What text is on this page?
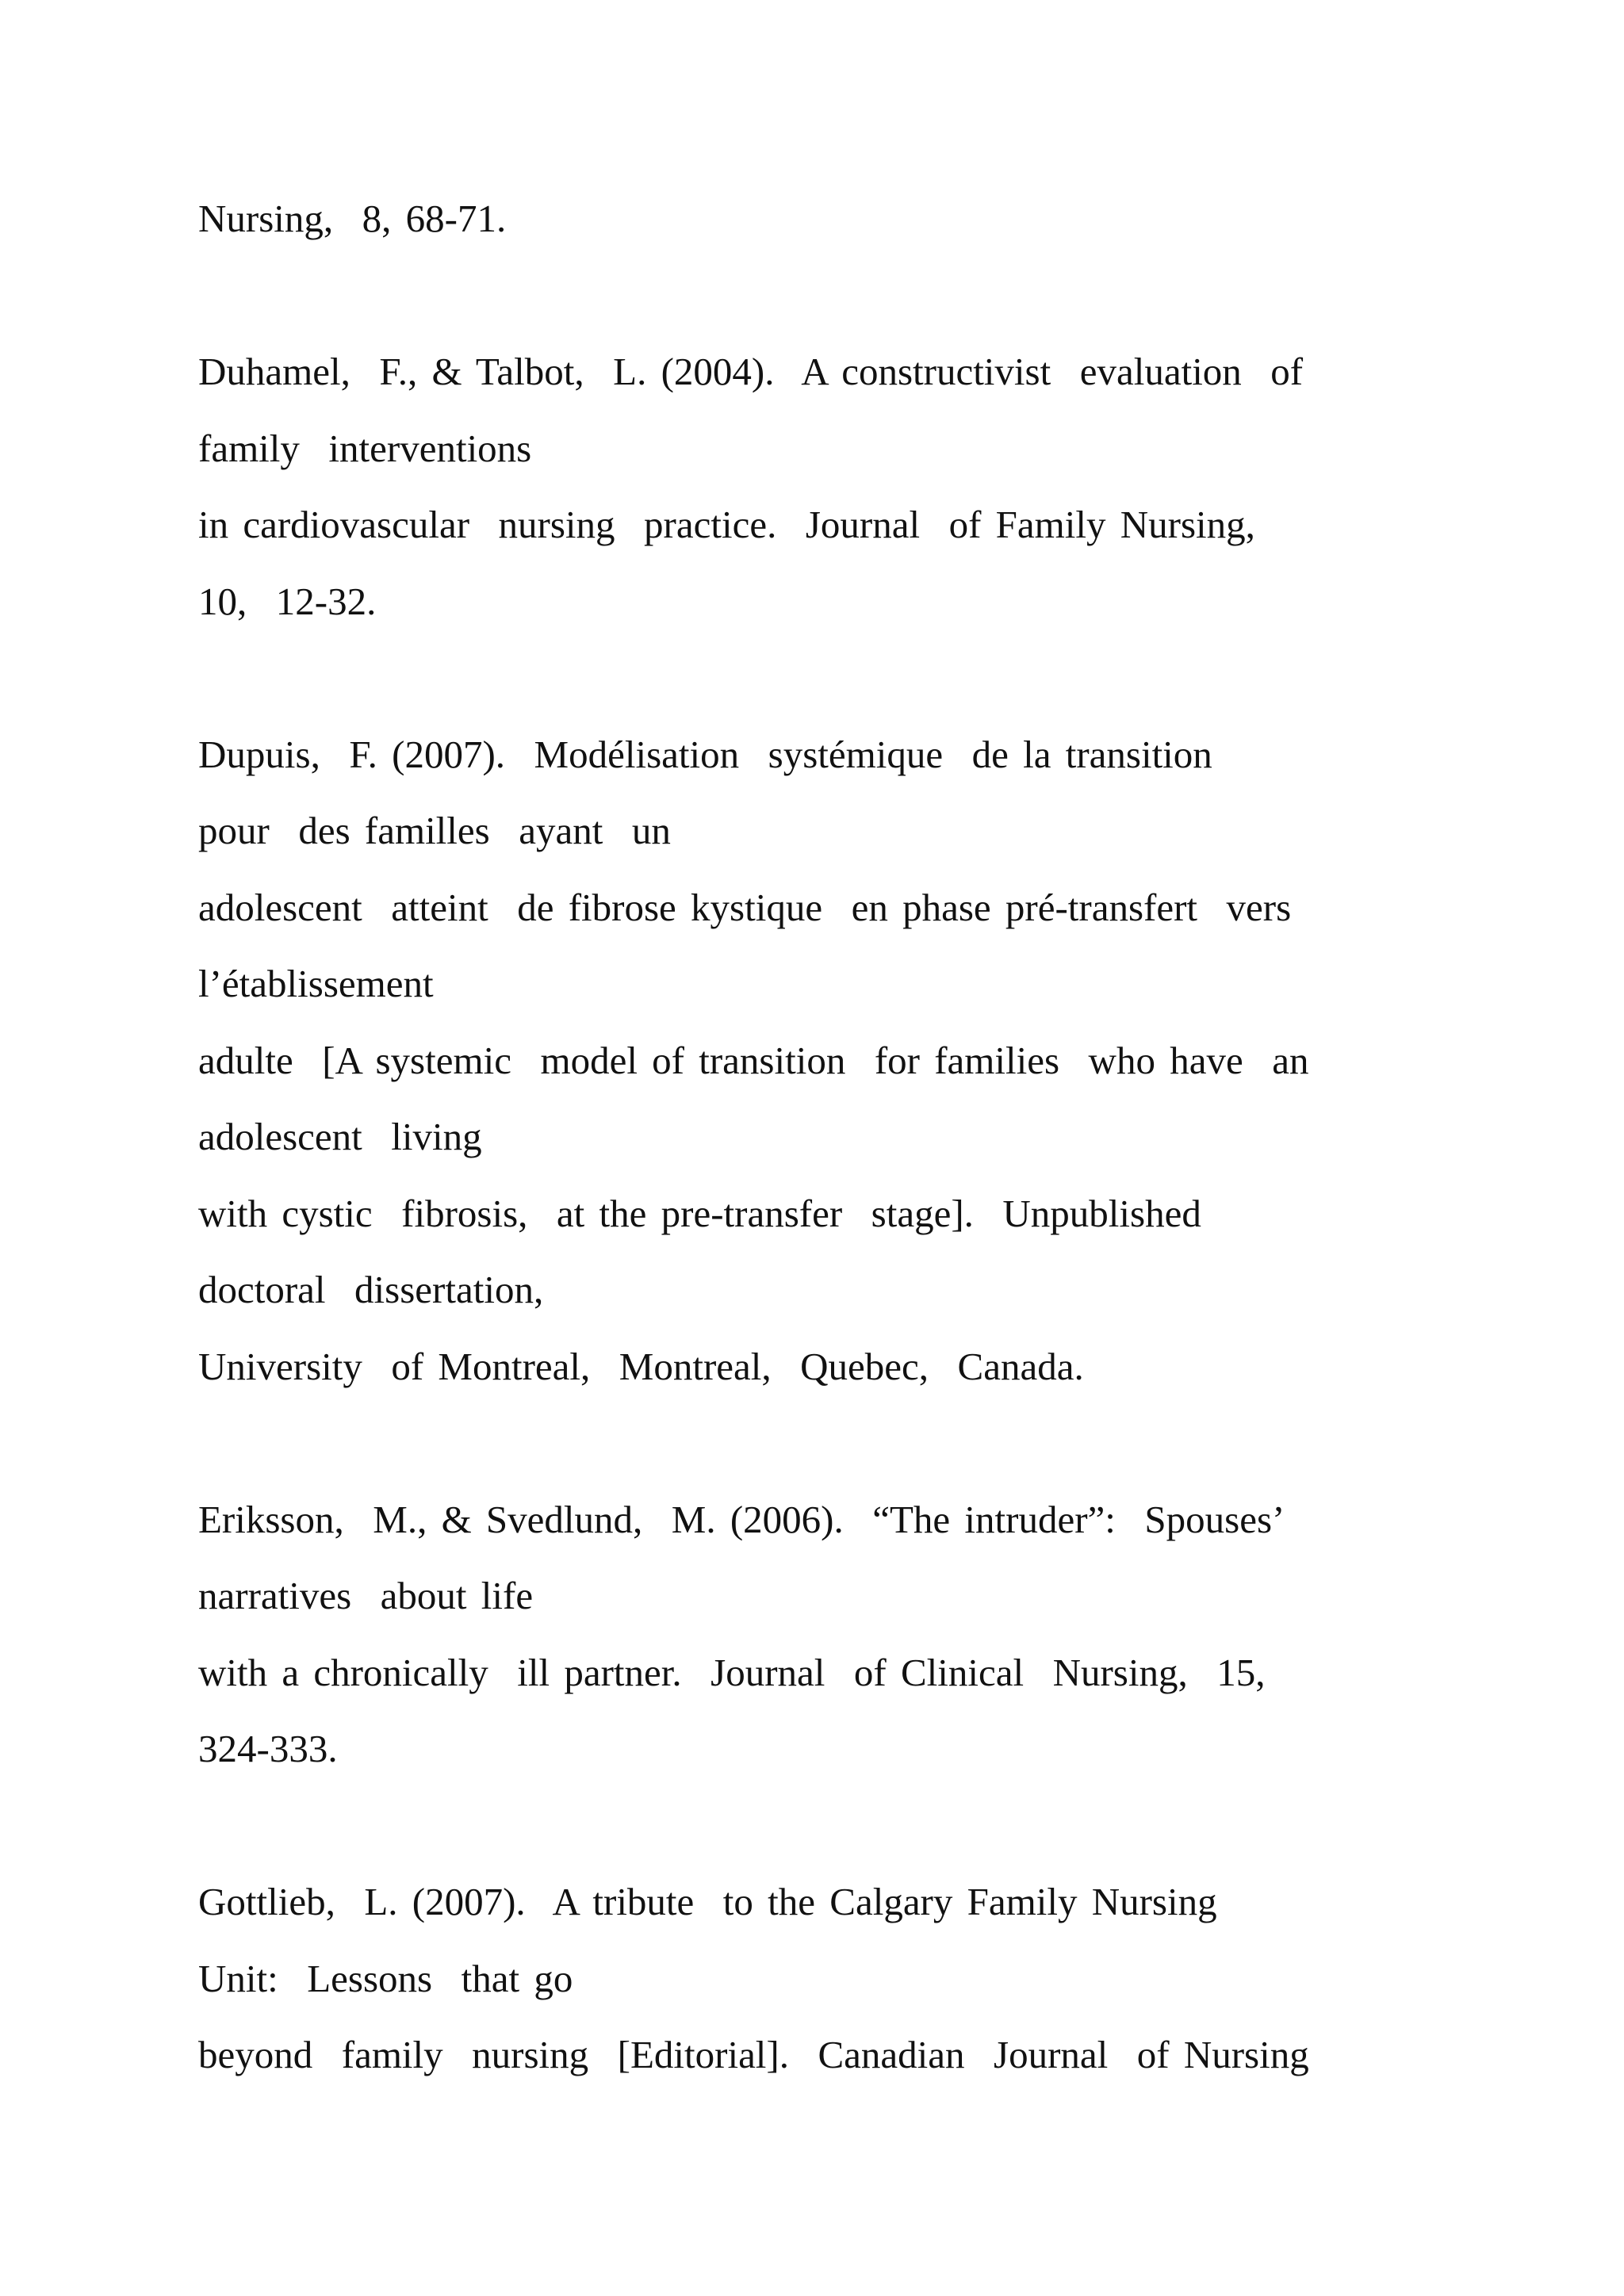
Nursing,  8, 68-71.
Duhamel,  F., & Talbot,  L. (2004).  A constructivist  evaluation  of
family  interventions
in cardiovascular  nursing  practice.  Journal  of Family Nursing,
10,  12-32.
Dupuis,  F. (2007).  Modélisation  systémique  de la transition
pour  des familles  ayant  un
adolescent  atteint  de fibrose kystique  en phase pré-transfert  vers
l’établissement
adulte  [A systemic  model of transition  for families  who have  an
adolescent  living
with cystic  fibrosis,  at the pre-transfer  stage].  Unpublished
doctoral  dissertation,
University  of Montreal,  Montreal,  Quebec,  Canada.
Eriksson,  M., & Svedlund,  M. (2006).  “The intruder”:  Spouses’
narratives  about life
with a chronically  ill partner.  Journal  of Clinical  Nursing,  15,
324-333.
Gottlieb,  L. (2007).  A tribute  to the Calgary Family Nursing
Unit:  Lessons  that go
beyond  family  nursing  [Editorial].  Canadian  Journal  of Nursing
